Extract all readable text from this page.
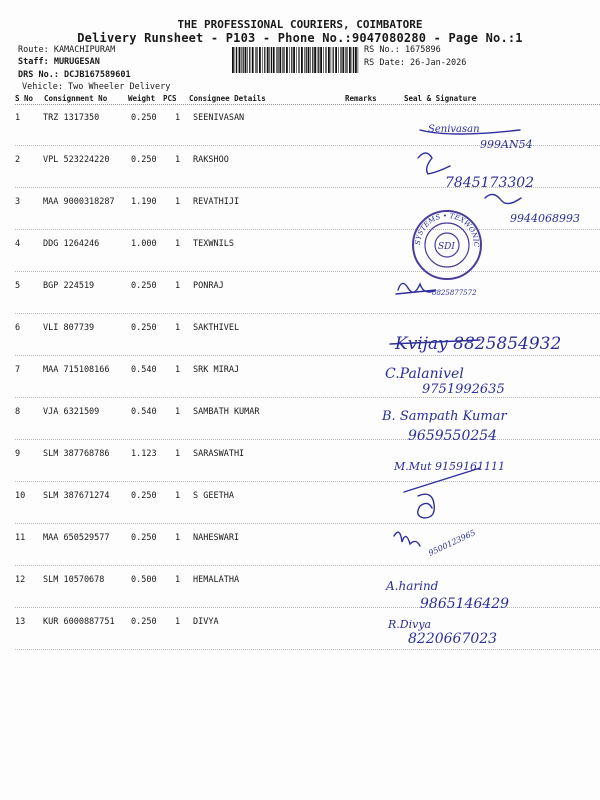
THE PROFESSIONAL COURIERS, COIMBATORE
Delivery Runsheet - P103 - Phone No.:9047080280 - Page No.:1
Route: KAMACHIPURAM
Staff: MURUGESAN
DRS No.: DCJB167589601
Vehicle: Two Wheeler Delivery
RS No.: 1675896
RS Date: 26-Jan-2026
S No Consignment No	Weight PCS Consignee Details	Remarks	Seal & Signature
1	TRZ 1317350	0.250 1 SEENIVASAN
2	VPL 523224220	0.250 1 RAKSHOO
3	MAA 9000318287 1.190 1 REVATHIJI
4	DDG 1264246	1.000 1 TEXWNILS
5	BGP 224519	0.250 1 PONRAJ
6	VLI 807739	0.250 1 SAKTHIVEL
7	MAA 715108166	0.540 1 SRK MIRAJ
8	VJA 6321509	0.540 1 SAMBATH KUMAR
9	SLM 387768786	1.123 1 SARASWATHI
10 SLM 387671274	0.250 1 S GEETHA
11 MAA 650529577	0.250 1 NAHESWARI
12 SLM 10570678	0.500 1 HEMALATHA
13 KUR 6000887751 0.250 1 DIVYA
Senivasan
999AN54
7845173302
9944068993
SYSTEMS • TEXWONICS
SDI
8825877572
Kvijay 8825854932
C.Palanivel
9751992635
B. Sampath Kumar
9659550254
M.Mut 9159161111
9500123965
A.harind
9865146429
R.Divya
8220667023
